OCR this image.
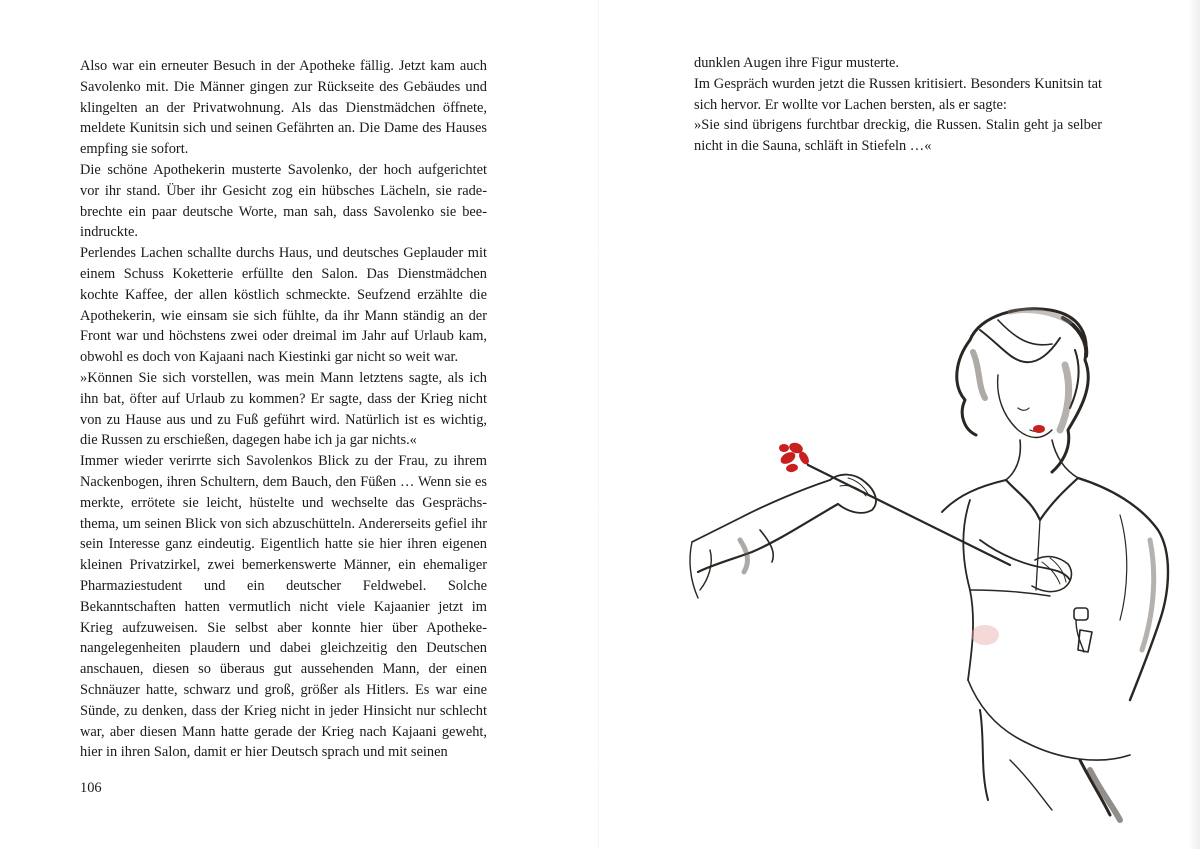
Also war ein erneuter Besuch in der Apotheke fällig. Jetzt kam auch Savolenko mit. Die Männer gingen zur Rückseite des Gebäudes und klingelten an der Privatwohnung. Als das Dienstmädchen öffnete, meldete Kunitsin sich und seinen Gefährten an. Die Dame des Hauses empfing sie sofort.

Die schöne Apothekerin musterte Savolenko, der hoch aufgerichtet vor ihr stand. Über ihr Gesicht zog ein hübsches Lächeln, sie radebrechte ein paar deutsche Worte, man sah, dass Savolenko sie beeindruckte.

Perlendes Lachen schallte durchs Haus, und deutsches Geplauder mit einem Schuss Koketterie erfüllte den Salon. Das Dienstmädchen kochte Kaffee, der allen köstlich schmeckte. Seufzend erzählte die Apothekerin, wie einsam sie sich fühlte, da ihr Mann ständig an der Front war und höchstens zwei oder dreimal im Jahr auf Urlaub kam, obwohl es doch von Kajaani nach Kiestinki gar nicht so weit war.

»Können Sie sich vorstellen, was mein Mann letztens sagte, als ich ihn bat, öfter auf Urlaub zu kommen? Er sagte, dass der Krieg nicht von zu Hause aus und zu Fuß geführt wird. Natürlich ist es wichtig, die Russen zu erschießen, dagegen habe ich ja gar nichts.«

Immer wieder verirrte sich Savolenkos Blick zu der Frau, zu ihrem Nackenbogen, ihren Schultern, dem Bauch, den Füßen … Wenn sie es merkte, errötete sie leicht, hüstelte und wechselte das Gesprächsthema, um seinen Blick von sich abzuschütteln. Andererseits gefiel ihr sein Interesse ganz eindeutig. Eigentlich hatte sie hier ihren eigenen kleinen Privatzirkel, zwei bemerkenswerte Männer, ein ehemaliger Pharmaziestudent und ein deutscher Feldwebel. Solche Bekanntschaften hatten vermutlich nicht viele Kajaanier jetzt im Krieg aufzuweisen. Sie selbst aber konnte hier über Apothekenangelegenheiten plaudern und dabei gleichzeitig den Deutschen anschauen, diesen so überaus gut aussehenden Mann, der einen Schnäuzer hatte, schwarz und groß, größer als Hitlers. Es war eine Sünde, zu denken, dass der Krieg nicht in jeder Hinsicht nur schlecht war, aber diesen Mann hatte gerade der Krieg nach Kajaani geweht, hier in ihren Salon, damit er hier Deutsch sprach und mit seinen

106

dunklen Augen ihre Figur musterte.

Im Gespräch wurden jetzt die Russen kritisiert. Besonders Kunitsin tat sich hervor. Er wollte vor Lachen bersten, als er sagte:

»Sie sind übrigens furchtbar dreckig, die Russen. Stalin geht ja selber nicht in die Sauna, schläft in Stiefeln …«
